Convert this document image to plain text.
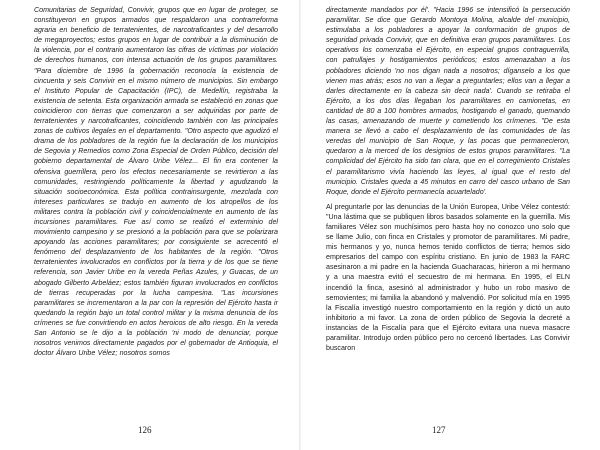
Comunitarias de Seguridad, Convivir, grupos que en lugar de proteger, se constituyeron en grupos armados que respaldaron una contrarreforma agraria en beneficio de terratenientes, de narcotraficantes y del desarrollo de megaproyectos; estos grupos en lugar de contribuir a la disminución de la violencia, por el contrario aumentaron las cifras de víctimas por violación de derechos humanos, con intensa actuación de los grupos paramilitares. "Para diciembre de 1996 la gobernación reconocía la existencia de cincuenta y seis Convivir en el mismo número de municipios. Sin embargo el Instituto Popular de Capacitación (IPC), de Medellín, registraba la existencia de setenta. Esta organización armada se estableció en zonas que coincidieron con tierras que comenzaron a ser adquiridas por parte de terratenientes y narcotraficantes, coincidiendo también con las principales zonas de cultivos ilegales en el departamento. "Otro aspecto que agudizó el drama de los pobladores de la región fue la declaración de los municipios de Segovia y Remedios como Zona Especial de Orden Público, decisión del gobierno departamental de Álvaro Uribe Vélez... El fin era contener la ofensiva guerrillera, pero los efectos necesariamente se revirtieron a las comunidades, restringiendo políticamente la libertad y agudizando la situación socioeconómica. Esta política contrainsurgente, mezclada con intereses particulares se tradujo en aumento de los atropellos de los militares contra la población civil y coincidencialmente en aumento de las incursiones paramilitares. Fue así como se realizó el exterminio del movimiento campesino y se presionó a la población para que se polarizara apoyando las acciones paramilitares; por consiguiente se acrecentó el fenómeno del desplazamiento de los habitantes de la región. "Otros terratenientes involucrados en conflictos por la tierra y de los que se tiene referencia, son Javier Uribe en la vereda Peñas Azules, y Guacas, de un abogado Gilberto Arbeláez; estos también figuran involucrados en conflictos de tierras recuperadas por la lucha campesina. "Las incursiones paramilitares se incrementaron a la par con la represión del Ejército hasta ir quedando la región bajo un total control militar y la misma denuncia de los crímenes se fue convirtiendo en actos heroicos de alto riesgo. En la vereda San Antonio se le dijo a la población 'ni modo de denunciar, porque nosotros venimos directamente pagados por el gobernador de Antioquia, el doctor Álvaro Uribe Vélez; nosotros somos

directamente mandados por él'. "Hacia 1996 se intensificó la persecución paramilitar. Se dice que Gerardo Montoya Molina, alcalde del municipio, estimulaba a los pobladores a apoyar la conformación de grupos de seguridad privada Convivir, que en definitiva eran grupos paramilitares. Los operativos los comenzaba el Ejército, en especial grupos contraguerrilla, con patrullajes y hostigamientos periódicos; estos amenazaban a los pobladores diciendo 'no nos digan nada a nosotros; díganselo a los que vienen mas atrás; esos no van a llegar a preguntarles; ellos van a llegar a darles directamente en la cabeza sin decir nada'. Cuando se retiraba el Ejército, a los dos días llegaban los paramilitares en camionetas, en cantidad de 80 a 100 hombres armados, hostigando el ganado, quemando las casas, amenazando de muerte y cometiendo los crímenes. "De esta manera se llevó a cabo el desplazamiento de las comunidades de las veredas del municipio de San Roque, y las pocas que permanecieron, quedaron a la merced de los designios de estos grupos paramilitares. "La complicidad del Ejército ha sido tan clara, que en el corregimiento Cristales el paramilitarismo vivía haciendo las leyes, al igual que el resto del municipio. Cristales queda a 45 minutos en carro del casco urbano de San Roque, donde el Ejército permanecía acuartelado'.

Al preguntarle por las denuncias de la Unión Europea, Uribe Vélez contestó: "Una lástima que se publiquen libros basados solamente en la guerrilla. Mis familiares Vélez son muchísimos pero hasta hoy no conozco uno solo que se llame Julio, con finca en Cristales y promotor de paramilitares. Mi padre, mis hermanos y yo, nunca hemos tenido conflictos de tierra; hemos sido empresarios del campo con espíritu cristiano. En junio de 1983 la FARC asesinaron a mi padre en la hacienda Guacharacas, hirieron a mi hermano y a una maestra evitó el secuestro de mi hermana. En 1995, el ELN incendió la finca, asesinó al administrador y hubo un robo masivo de semovientes; mi familia la abandonó y malvendió. Por solicitud mía en 1995 la Fiscalía investigó nuestro comportamiento en la región y dictó un auto inhibitorio a mi favor. La zona de orden público de Segovia la decreté a instancias de la Fiscalía para que el Ejército evitara una nueva masacre paramilitar. Introdujo orden público pero no cercenó libertades. Las Convivir buscaron

126	127
